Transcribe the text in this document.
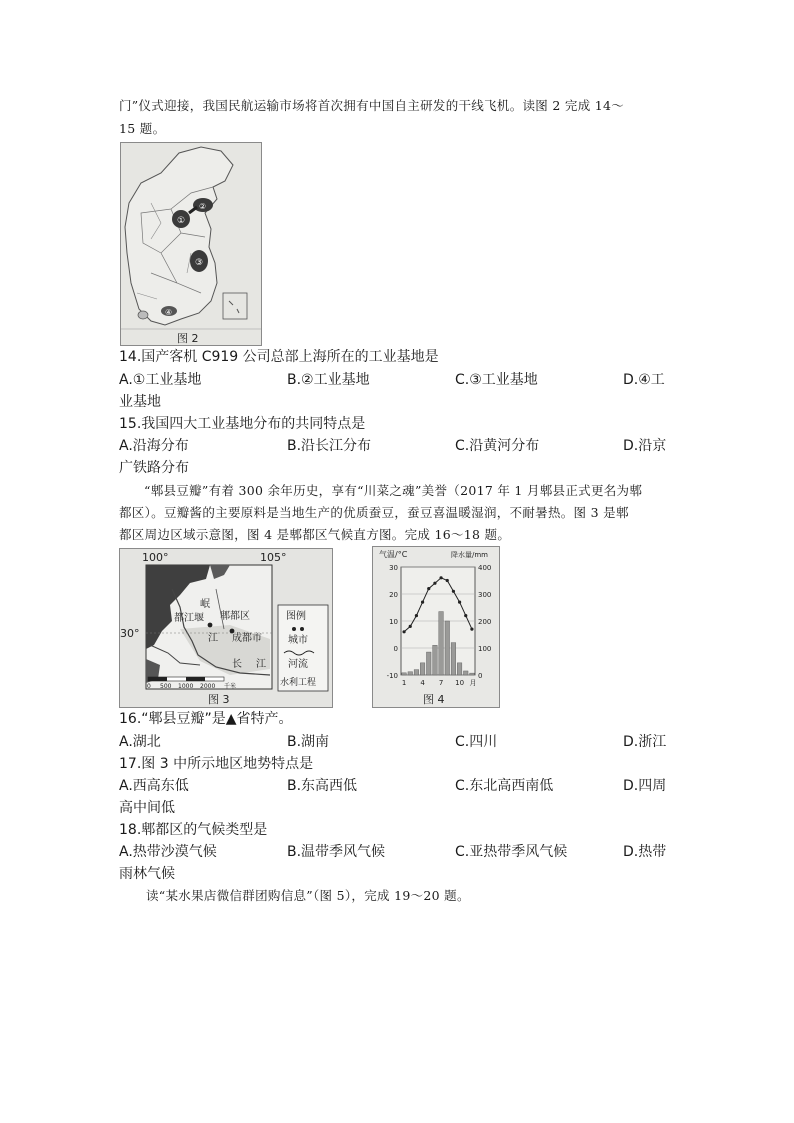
门”仪式迎接，我国民航运输市场将首次拥有中国自主研发的干线飞机。读图 2 完成 14～
15 题。
①
②
③
④
图 2
14.国产客机 C919 公司总部上海所在的工业基地是
A.①工业基地	B.②工业基地	C.③工业基地	D.④工
业基地
15.我国四大工业基地分布的共同特点是
A.沿海分布	B.沿长江分布	C.沿黄河分布	D.沿京
广铁路分布
“郫县豆瓣”有着 300 余年历史，享有“川菜之魂”美誉（2017 年 1 月郫县正式更名为郫
都区）。豆瓣酱的主要原料是当地生产的优质蚕豆，蚕豆喜温暖湿润，不耐暑热。图 3 是郫
都区周边区域示意图，图 4 是郫都区气候直方图。完成 16～18 题。
100°	105°
30°
岷
都江堰 郫都区
成都市
江
长 江
0 500 1000 2000 千米
图例
城市
河流
水利工程
图 3
气温/°C	降水量/mm
30	400
20	300
10	200
0	100
-10	0
1 4 7 10 月
图 4
16.“郫县豆瓣”是▲省特产。
A.湖北	B.湖南	C.四川	D.浙江
17.图 3 中所示地区地势特点是
A.西高东低	B.东高西低	C.东北高西南低	D.四周
高中间低
18.郫都区的气候类型是
A.热带沙漠气候	B.温带季风气候	C.亚热带季风气候	D.热带
雨林气候
读“某水果店微信群团购信息”（图 5），完成 19～20 题。
